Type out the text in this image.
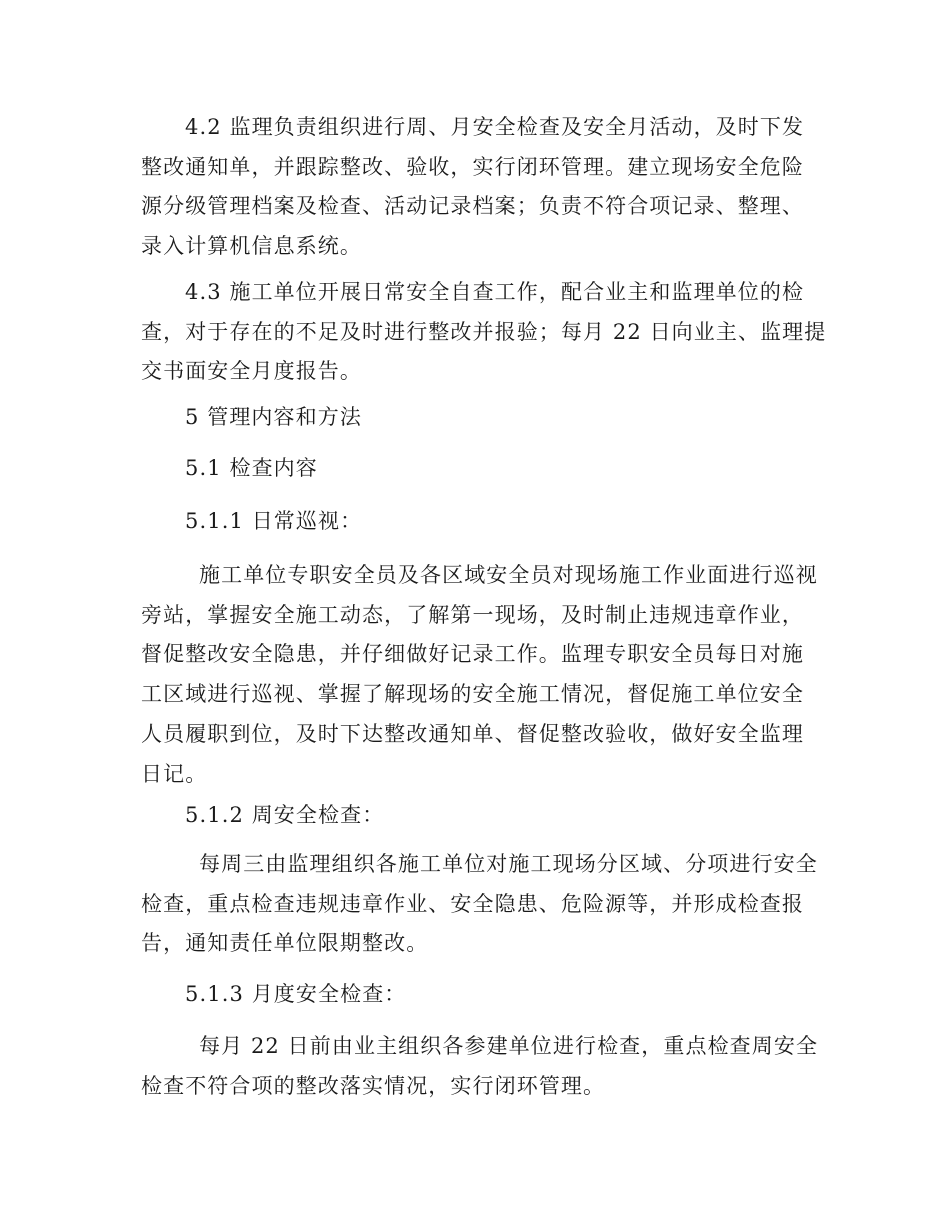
4.2 监理负责组织进行周、月安全检查及安全月活动，及时下发
整改通知单，并跟踪整改、验收，实行闭环管理。建立现场安全危险
源分级管理档案及检查、活动记录档案；负责不符合项记录、整理、
录入计算机信息系统。
4.3 施工单位开展日常安全自查工作，配合业主和监理单位的检
查，对于存在的不足及时进行整改并报验；每月 22 日向业主、监理提
交书面安全月度报告。
5 管理内容和方法
5.1 检查内容
5.1.1 日常巡视：
施工单位专职安全员及各区域安全员对现场施工作业面进行巡视
旁站，掌握安全施工动态，了解第一现场，及时制止违规违章作业，
督促整改安全隐患，并仔细做好记录工作。监理专职安全员每日对施
工区域进行巡视、掌握了解现场的安全施工情况，督促施工单位安全
人员履职到位，及时下达整改通知单、督促整改验收，做好安全监理
日记。
5.1.2 周安全检查：
每周三由监理组织各施工单位对施工现场分区域、分项进行安全
检查，重点检查违规违章作业、安全隐患、危险源等，并形成检查报
告，通知责任单位限期整改。
5.1.3 月度安全检查：
每月 22 日前由业主组织各参建单位进行检查，重点检查周安全
检查不符合项的整改落实情况，实行闭环管理。
